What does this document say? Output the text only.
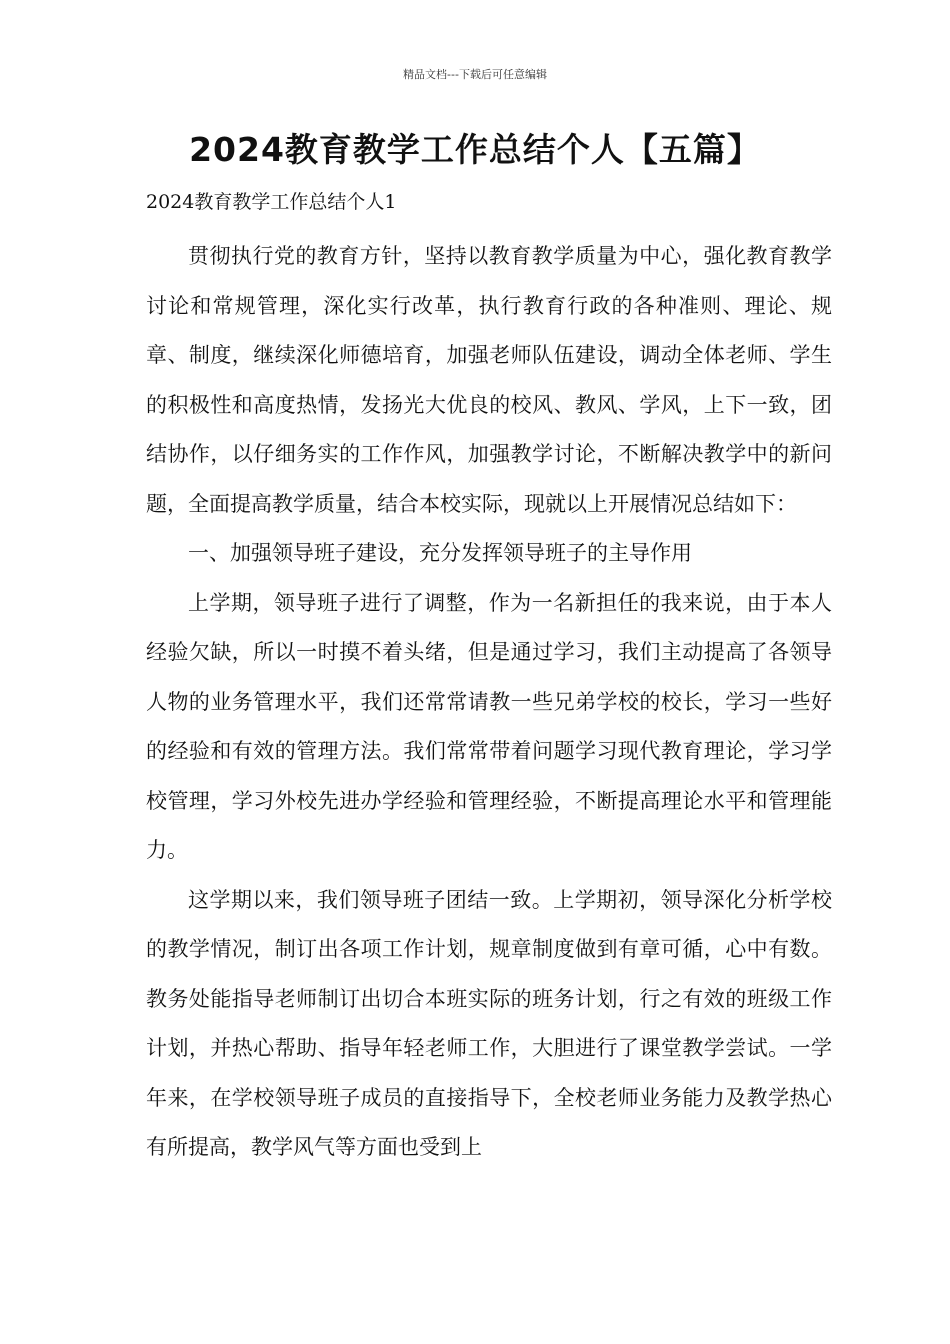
精品文档---下载后可任意编辑
2024教育教学工作总结个人【五篇】
2024教育教学工作总结个人1

贯彻执行党的教育方针，坚持以教育教学质量为中心，强化教育教学讨论和常规管理，深化实行改革，执行教育行政的各种准则、理论、规章、制度，继续深化师德培育，加强老师队伍建设，调动全体老师、学生的积极性和高度热情，发扬光大优良的校风、教风、学风，上下一致，团结协作，以仔细务实的工作作风，加强教学讨论，不断解决教学中的新问题，全面提高教学质量，结合本校实际，现就以上开展情况总结如下：

一、加强领导班子建设，充分发挥领导班子的主导作用

上学期，领导班子进行了调整，作为一名新担任的我来说，由于本人经验欠缺，所以一时摸不着头绪，但是通过学习，我们主动提高了各领导人物的业务管理水平，我们还常常请教一些兄弟学校的校长，学习一些好的经验和有效的管理方法。我们常常带着问题学习现代教育理论，学习学校管理，学习外校先进办学经验和管理经验，不断提高理论水平和管理能力。

这学期以来，我们领导班子团结一致。上学期初，领导深化分析学校的教学情况，制订出各项工作计划，规章制度做到有章可循，心中有数。教务处能指导老师制订出切合本班实际的班务计划，行之有效的班级工作计划，并热心帮助、指导年轻老师工作，大胆进行了课堂教学尝试。一学年来，在学校领导班子成员的直接指导下，全校老师业务能力及教学热心有所提高，教学风气等方面也受到上
